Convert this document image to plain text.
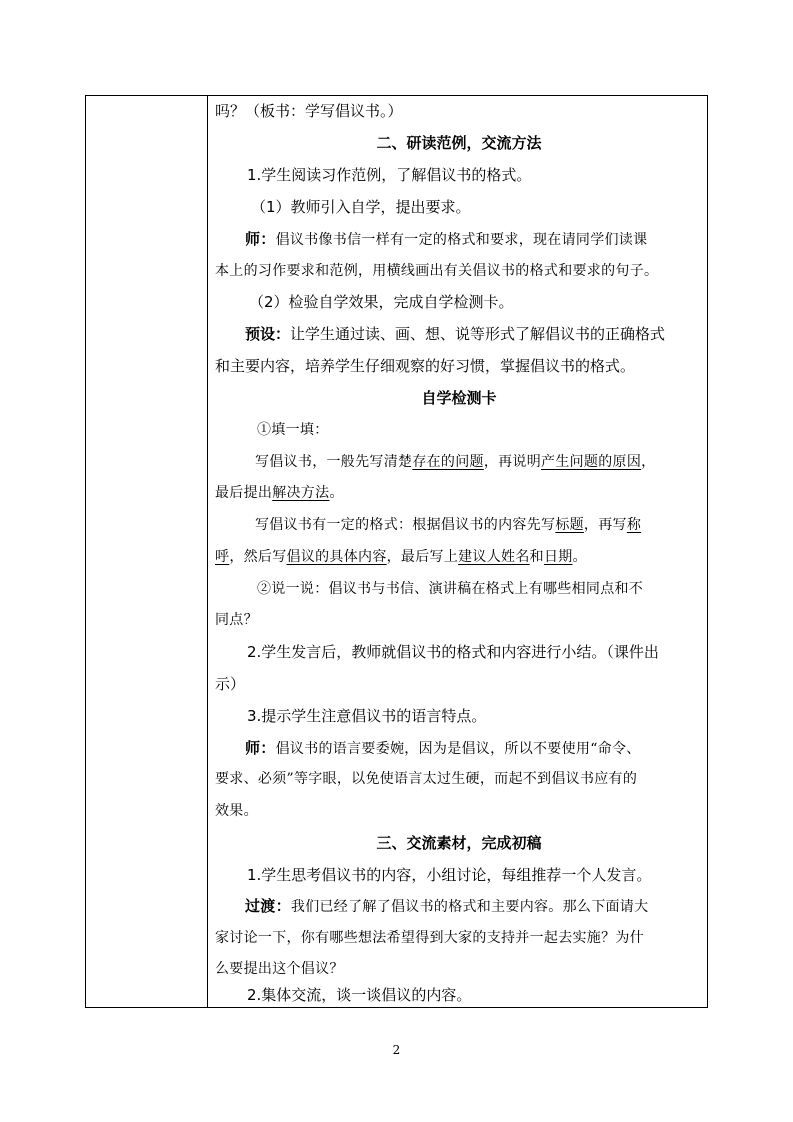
吗？（板书：学写倡议书。）
二、研读范例，交流方法
1.学生阅读习作范例，了解倡议书的格式。
（1）教师引入自学，提出要求。
师：倡议书像书信一样有一定的格式和要求，现在请同学们读课
本上的习作要求和范例，用横线画出有关倡议书的格式和要求的句子。
（2）检验自学效果，完成自学检测卡。
预设：让学生通过读、画、想、说等形式了解倡议书的正确格式
和主要内容，培养学生仔细观察的好习惯，掌握倡议书的格式。
自学检测卡
①填一填：
写倡议书，一般先写清楚存在的问题，再说明产生问题的原因，
最后提出解决方法。
写倡议书有一定的格式：根据倡议书的内容先写标题，再写称
呼，然后写倡议的具体内容，最后写上建议人姓名和日期。
②说一说：倡议书与书信、演讲稿在格式上有哪些相同点和不
同点？
2.学生发言后，教师就倡议书的格式和内容进行小结。（课件出
示）
3.提示学生注意倡议书的语言特点。
师：倡议书的语言要委婉，因为是倡议，所以不要使用“命令、
要求、必须”等字眼，以免使语言太过生硬，而起不到倡议书应有的
效果。
三、交流素材，完成初稿
1.学生思考倡议书的内容，小组讨论，每组推荐一个人发言。
过渡：我们已经了解了倡议书的格式和主要内容。那么下面请大
家讨论一下，你有哪些想法希望得到大家的支持并一起去实施？为什
么要提出这个倡议？
2.集体交流，谈一谈倡议的内容。
2
